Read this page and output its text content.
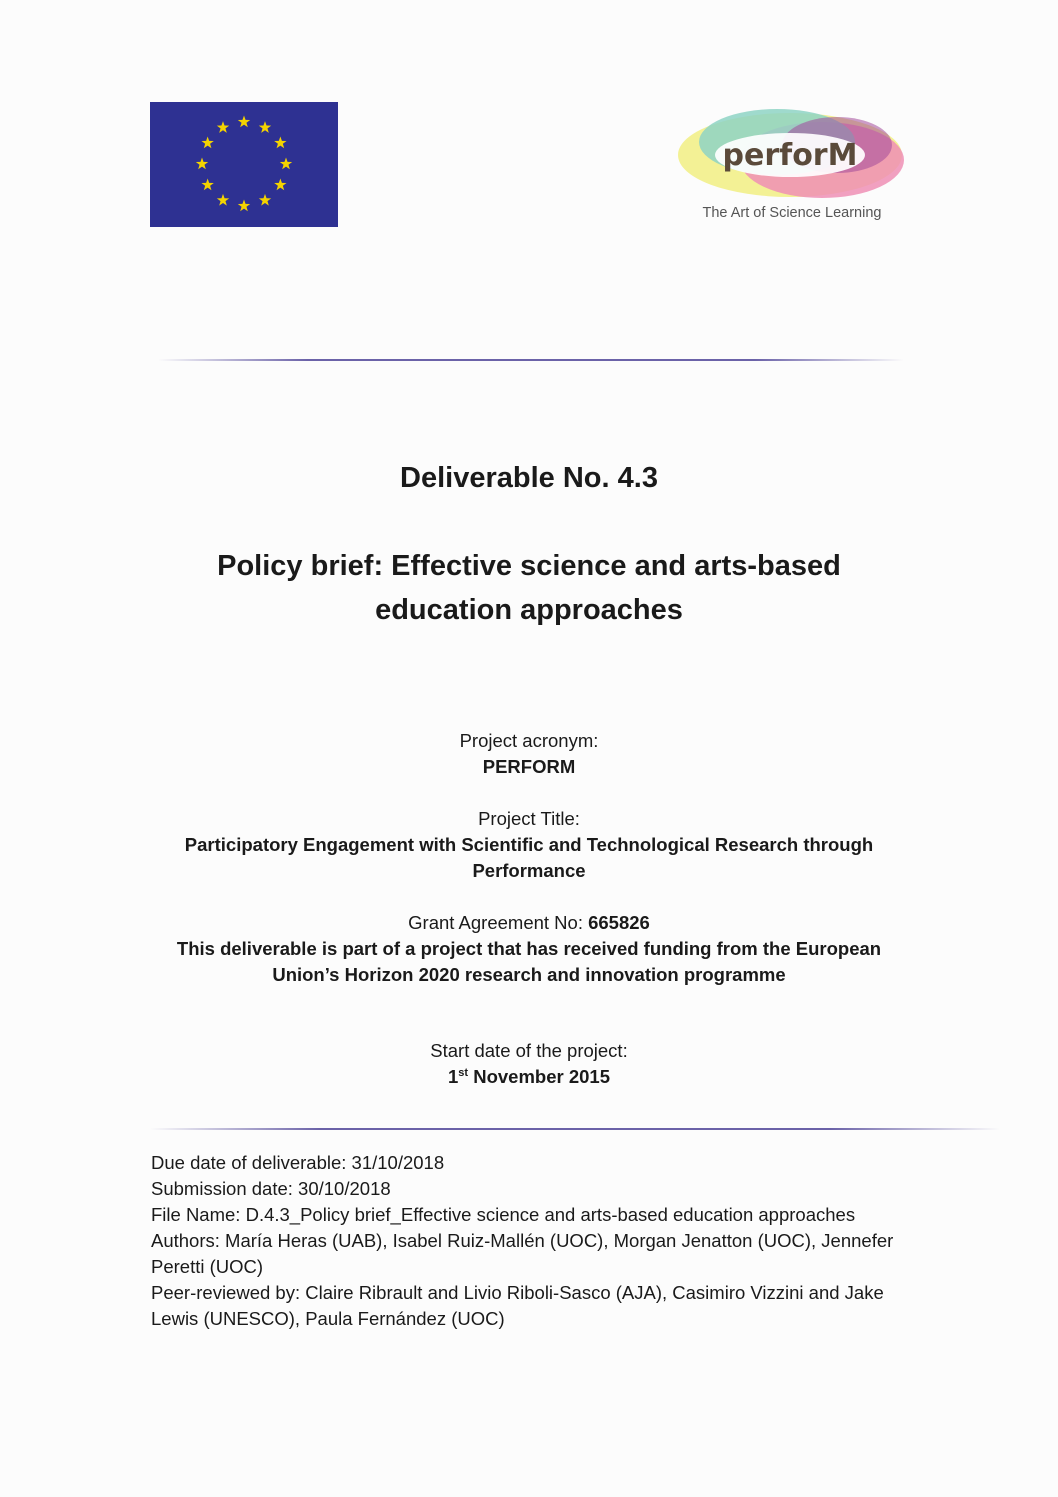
perforM
The Art of Science Learning
Deliverable No. 4.3
Policy brief: Effective science and arts-based
education approaches
Project acronym:
PERFORM
Project Title:
Participatory Engagement with Scientific and Technological Research through
Performance
Grant Agreement No: 665826
This deliverable is part of a project that has received funding from the European
Union’s Horizon 2020 research and innovation programme
Start date of the project:
1st November 2015
Due date of deliverable: 31/10/2018
Submission date: 30/10/2018
File Name: D.4.3_Policy brief_Effective science and arts-based education approaches
Authors: María Heras (UAB), Isabel Ruiz-Mallén (UOC), Morgan Jenatton (UOC), Jennefer
Peretti (UOC)
Peer-reviewed by: Claire Ribrault and Livio Riboli-Sasco (AJA), Casimiro Vizzini and Jake
Lewis (UNESCO), Paula Fernández (UOC)
